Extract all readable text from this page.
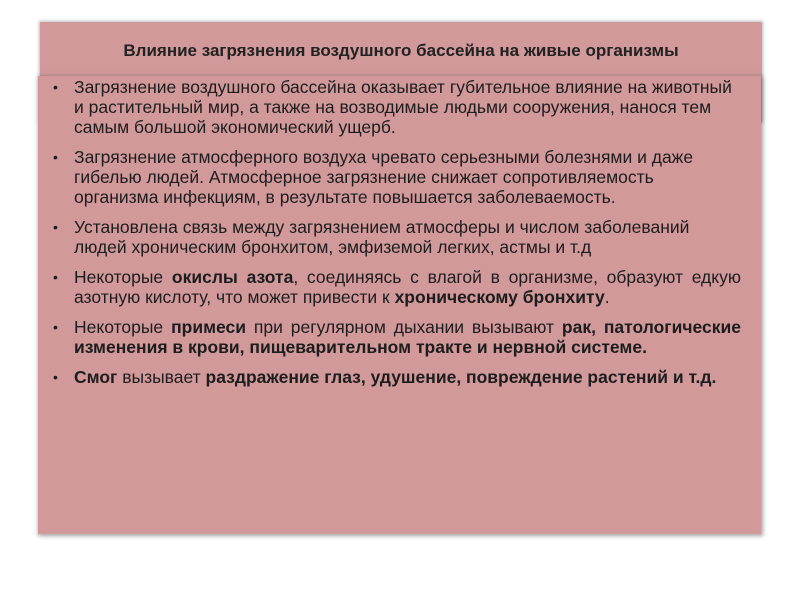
Влияние загрязнения воздушного бассейна на живые организмы
• Загрязнение воздушного бассейна оказывает губительное влияние на животный и растительный мир, а также на возводимые людьми сооружения, нанося тем самым большой экономический ущерб.
• Загрязнение атмосферного воздуха чревато серьезными болезнями и даже гибелью людей. Атмосферное загрязнение снижает сопротивляемость организма инфекциям, в результате повышается заболеваемость.
• Установлена связь между загрязнением атмосферы и числом заболеваний людей хроническим бронхитом, эмфиземой легких, астмы и т.д
• Некоторые окислы азота, соединяясь с влагой в организме, образуют едкую азотную кислоту, что может привести к хроническому бронхиту.
• Некоторые примеси при регулярном дыхании вызывают рак, патологические изменения в крови, пищеварительном тракте и нервной системе.
• Смог вызывает раздражение глаз, удушение, повреждение растений и т.д.
